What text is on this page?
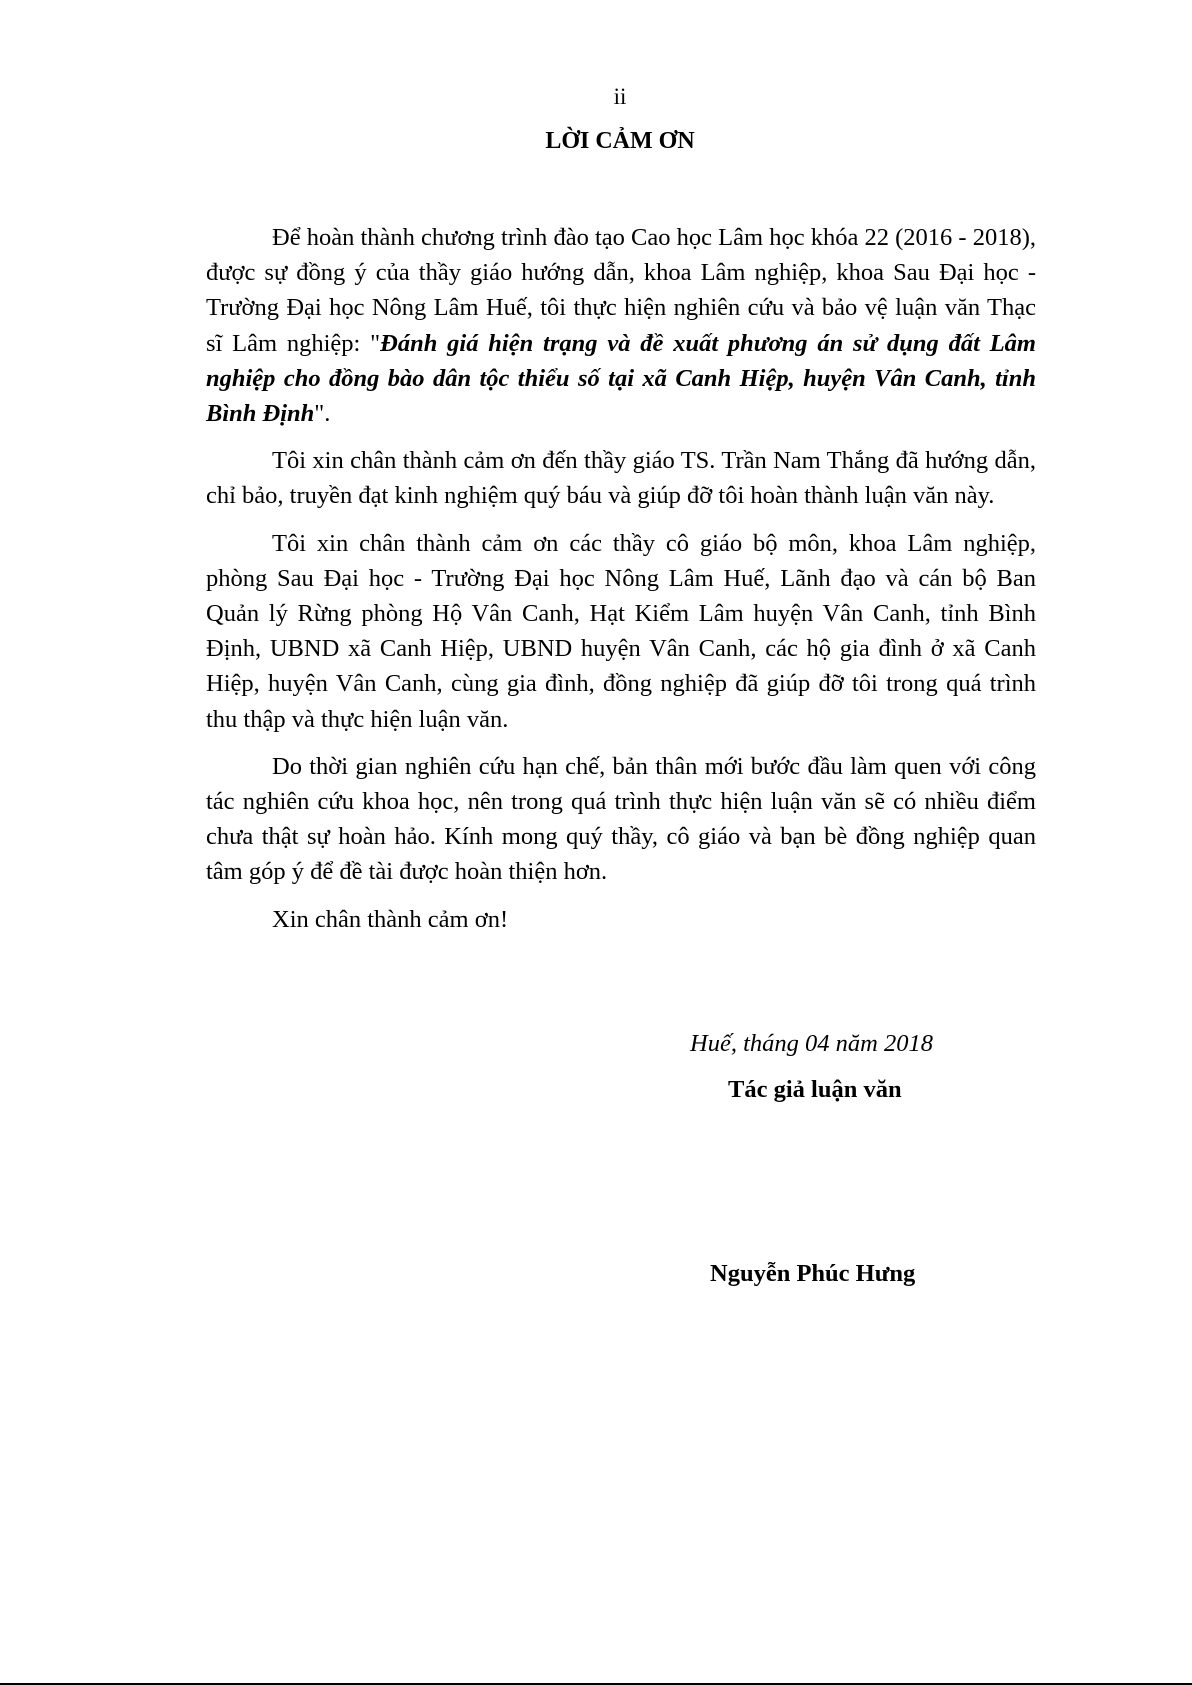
ii
LỜI CẢM ƠN

Để hoàn thành chương trình đào tạo Cao học Lâm học khóa 22 (2016 - 2018), được sự đồng ý của thầy giáo hướng dẫn, khoa Lâm nghiệp, khoa Sau Đại học - Trường Đại học Nông Lâm Huế, tôi thực hiện nghiên cứu và bảo vệ luận văn Thạc sĩ Lâm nghiệp: "Đánh giá hiện trạng và đề xuất phương án sử dụng đất Lâm nghiệp cho đồng bào dân tộc thiểu số tại xã Canh Hiệp, huyện Vân Canh, tỉnh Bình Định".

Tôi xin chân thành cảm ơn đến thầy giáo TS. Trần Nam Thắng đã hướng dẫn, chỉ bảo, truyền đạt kinh nghiệm quý báu và giúp đỡ tôi hoàn thành luận văn này.

Tôi xin chân thành cảm ơn các thầy cô giáo bộ môn, khoa Lâm nghiệp, phòng Sau Đại học - Trường Đại học Nông Lâm Huế, Lãnh đạo và cán bộ Ban Quản lý Rừng phòng Hộ Vân Canh, Hạt Kiểm Lâm huyện Vân Canh, tỉnh Bình Định, UBND xã Canh Hiệp, UBND huyện Vân Canh, các hộ gia đình ở xã Canh Hiệp, huyện Vân Canh, cùng gia đình, đồng nghiệp đã giúp đỡ tôi trong quá trình thu thập và thực hiện luận văn.

Do thời gian nghiên cứu hạn chế, bản thân mới bước đầu làm quen với công tác nghiên cứu khoa học, nên trong quá trình thực hiện luận văn sẽ có nhiều điểm chưa thật sự hoàn hảo. Kính mong quý thầy, cô giáo và bạn bè đồng nghiệp quan tâm góp ý để đề tài được hoàn thiện hơn.

Xin chân thành cảm ơn!

Huế, tháng 04 năm 2018
Tác giả luận văn
Nguyễn Phúc Hưng
